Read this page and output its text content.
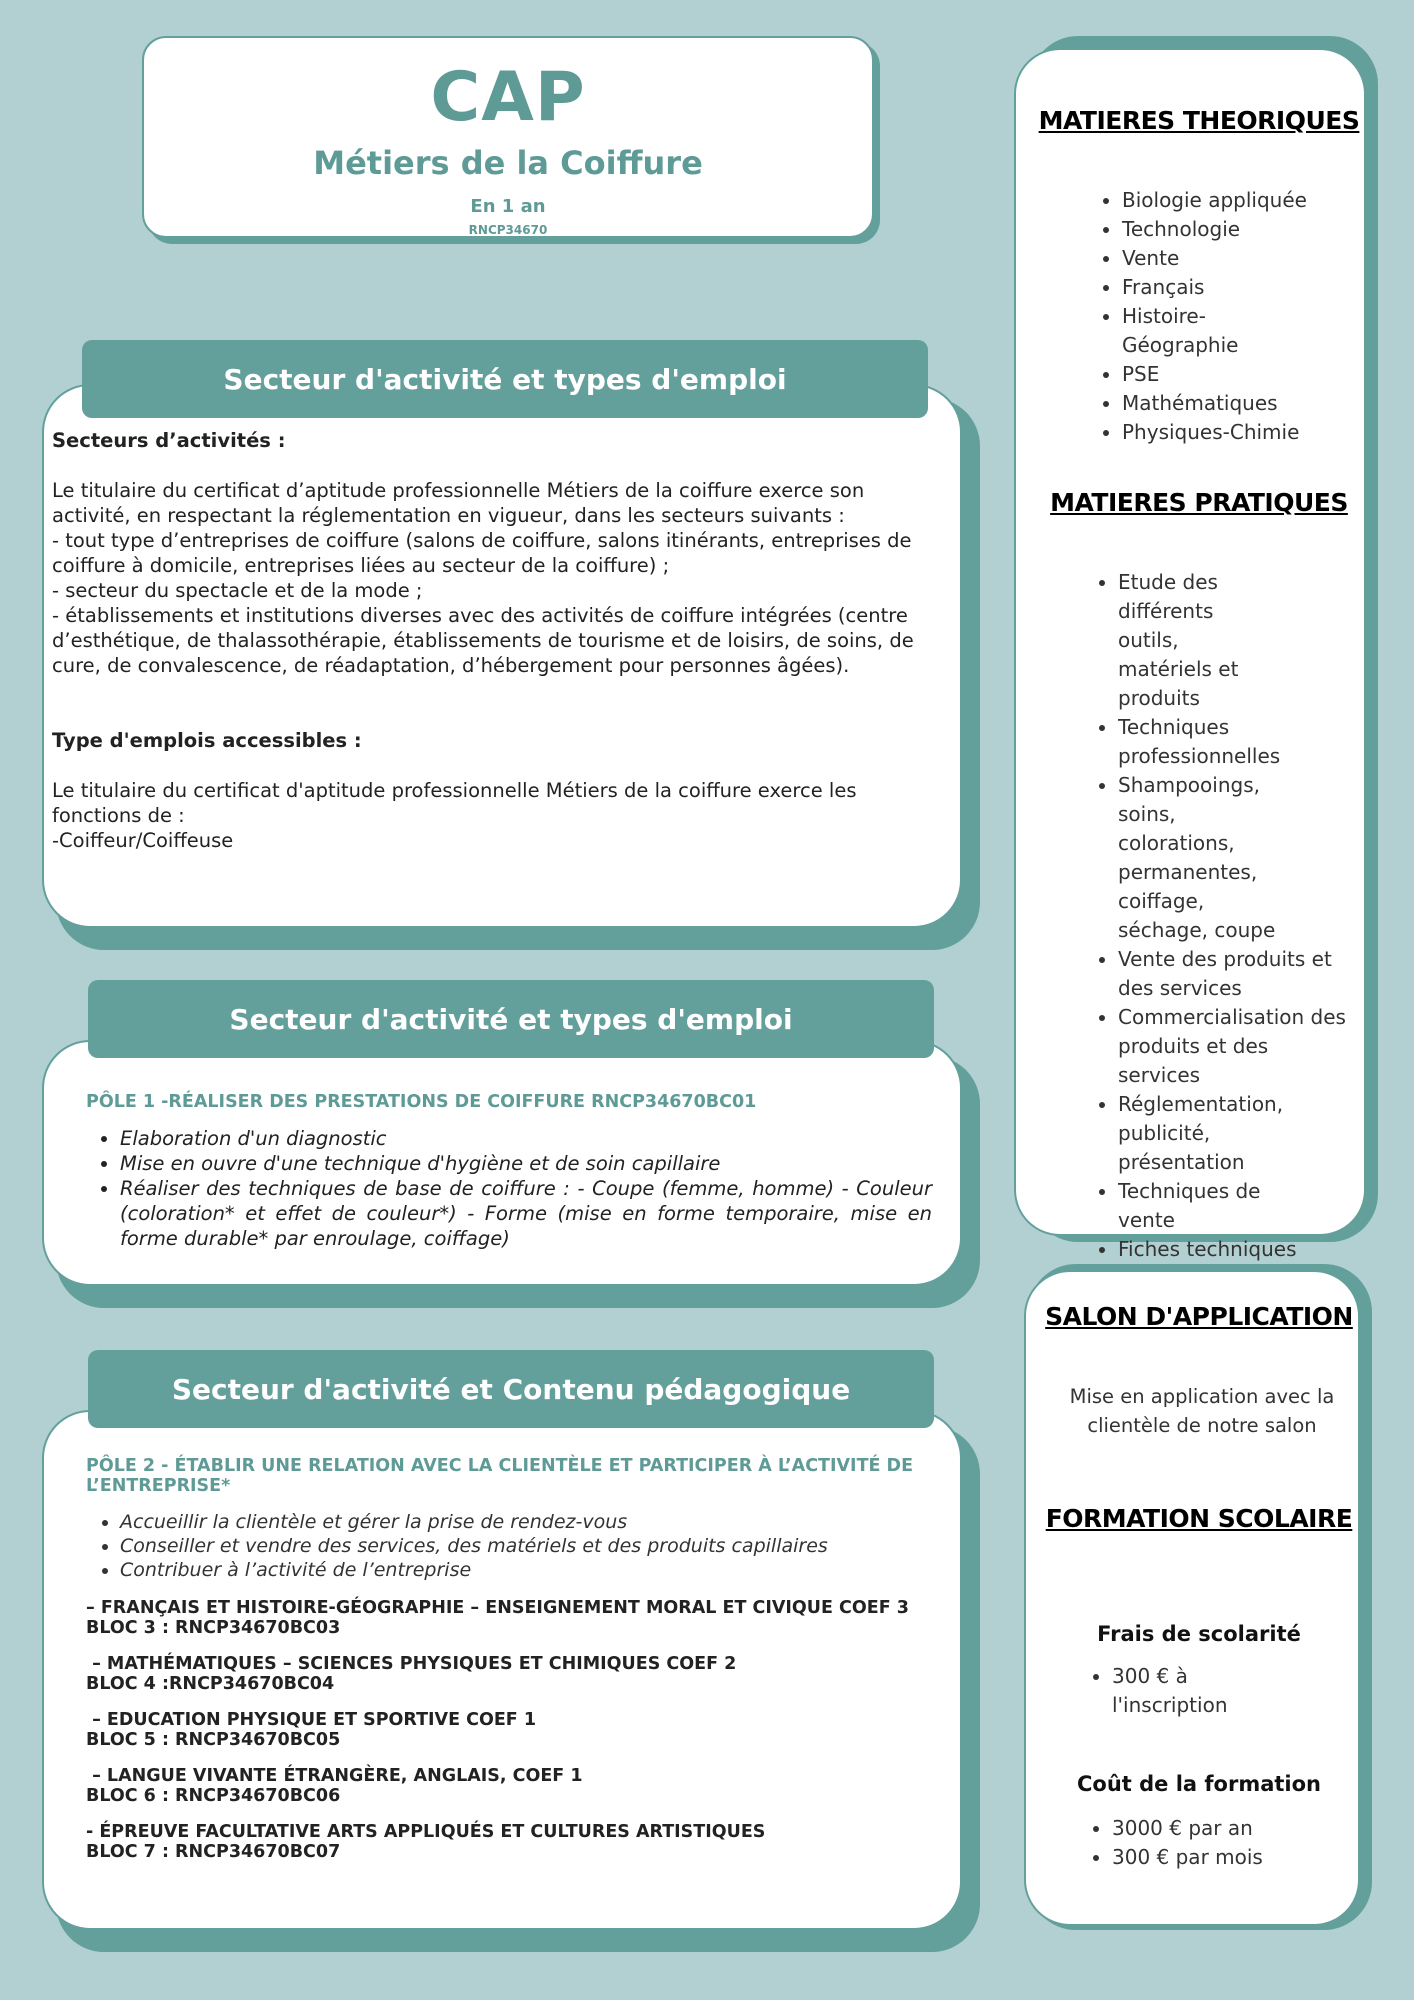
CAP
Métiers de la Coiffure
En 1 an
RNCP34670
Secteur d'activité et types d'emploi

Secteurs d’activités :

Le titulaire du certificat d’aptitude professionnelle Métiers de la coiffure exerce son activité, en respectant la réglementation en vigueur, dans les secteurs suivants :

- tout type d’entreprises de coiffure (salons de coiffure, salons itinérants, entreprises de coiffure à domicile, entreprises liées au secteur de la coiffure) ;

- secteur du spectacle et de la mode ;

- établissements et institutions diverses avec des activités de coiffure intégrées (centre d’esthétique, de thalassothérapie, établissements de tourisme et de loisirs, de soins, de cure, de convalescence, de réadaptation, d’hébergement pour personnes âgées).

Type d'emplois accessibles :

Le titulaire du certificat d'aptitude professionnelle Métiers de la coiffure exerce les fonctions de :

-Coiffeur/Coiffeuse

Secteur d'activité et types d'emploi
PÔLE 1 -RÉALISER DES PRESTATIONS DE COIFFURE RNCP34670BC01
• Elaboration d'un diagnostic
• Mise en ouvre d'une technique d'hygiène et de soin capillaire
• Réaliser des techniques de base de coiffure : - Coupe (femme, homme) - Couleur (coloration* et effet de couleur*) - Forme (mise en forme temporaire, mise en forme durable* par enroulage, coiffage)
Secteur d'activité et Contenu pédagogique
PÔLE 2 - ÉTABLIR UNE RELATION AVEC LA CLIENTÈLE ET PARTICIPER À L’ACTIVITÉ DE L’ENTREPRISE*
• Accueillir la clientèle et gérer la prise de rendez-vous
• Conseiller et vendre des services, des matériels et des produits capillaires
• Contribuer à l’activité de l’entreprise
– FRANÇAIS ET HISTOIRE-GÉOGRAPHIE – ENSEIGNEMENT MORAL ET CIVIQUE COEF 3
BLOC 3 : RNCP34670BC03
– MATHÉMATIQUES – SCIENCES PHYSIQUES ET CHIMIQUES COEF 2
BLOC 4 :RNCP34670BC04
– EDUCATION PHYSIQUE ET SPORTIVE COEF 1
BLOC 5 : RNCP34670BC05
– LANGUE VIVANTE ÉTRANGÈRE, ANGLAIS, COEF 1
BLOC 6 : RNCP34670BC06
- ÉPREUVE FACULTATIVE ARTS APPLIQUÉS ET CULTURES ARTISTIQUES
BLOC 7 : RNCP34670BC07
MATIERES THEORIQUES
• Biologie appliquée
• Technologie
• Vente
• Français
• Histoire-Géographie
• PSE
• Mathématiques
• Physiques-Chimie
MATIERES PRATIQUES
• Etude des différents outils, matériels et produits
• Techniques professionnelles
• Shampooings, soins, colorations, permanentes, coiffage, séchage, coupe
• Vente des produits et des services
• Commercialisation des produits et des services
• Réglementation, publicité, présentation
• Techniques de vente
• Fiches techniques
SALON D'APPLICATION
Mise en application avec la clientèle de notre salon
FORMATION SCOLAIRE
Frais de scolarité
• 300 € à l'inscription
Coût de la formation
• 3000 € par an
• 300 € par mois
